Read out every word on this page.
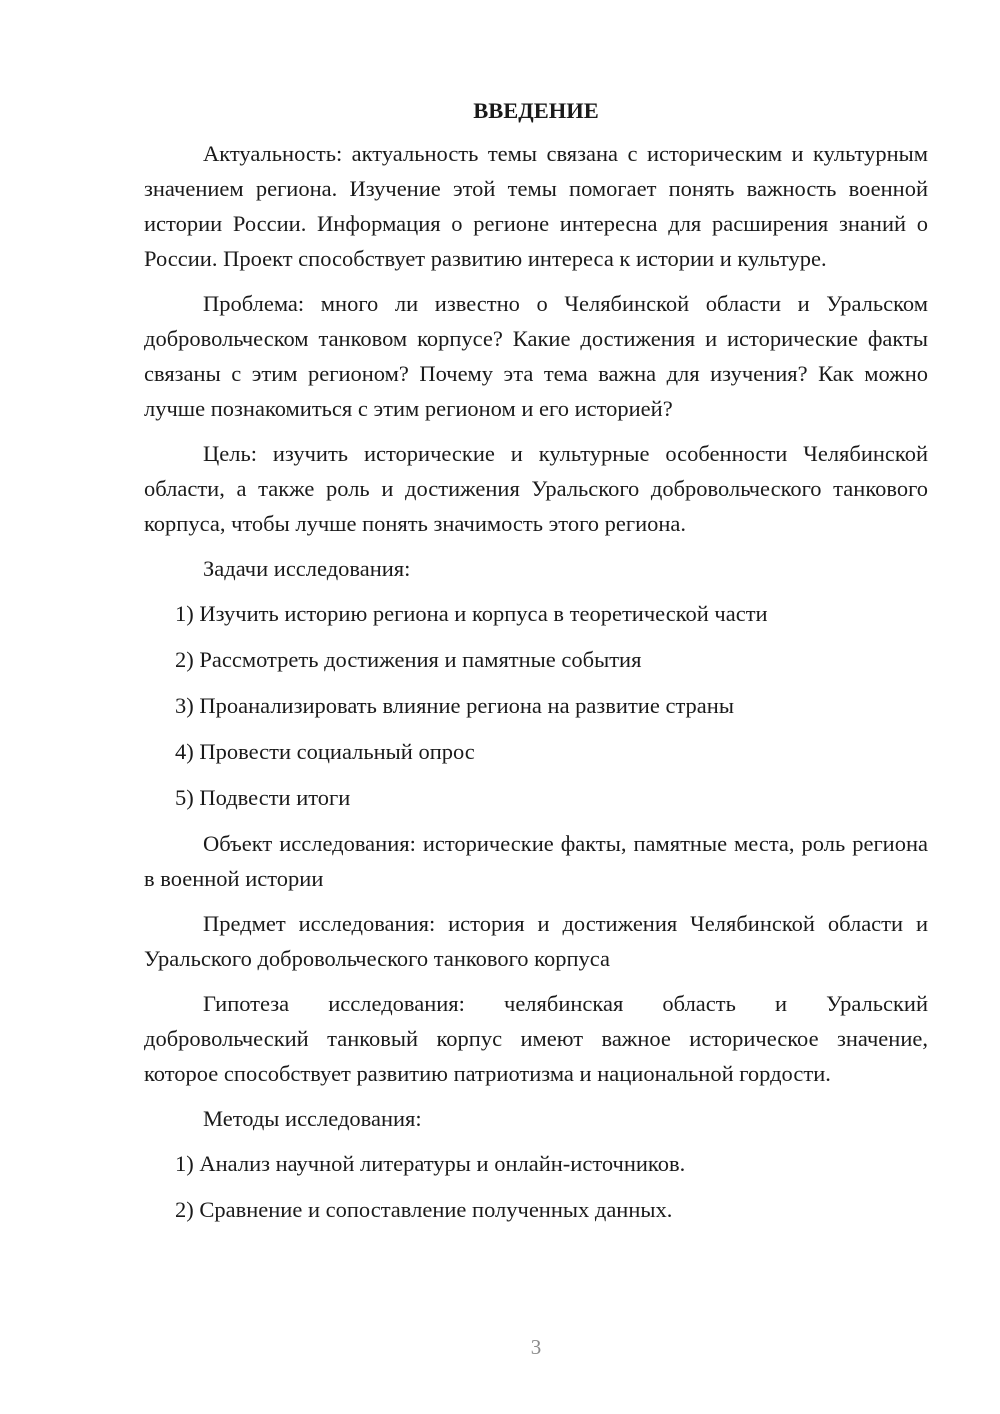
ВВЕДЕНИЕ

Актуальность: актуальность темы связана с историческим и культурным значением региона. Изучение этой темы помогает понять важность военной истории России. Информация о регионе интересна для расширения знаний о России. Проект способствует развитию интереса к истории и культуре.

Проблема: много ли известно о Челябинской области и Уральском добровольческом танковом корпусе? Какие достижения и исторические факты связаны с этим регионом? Почему эта тема важна для изучения? Как можно лучше познакомиться с этим регионом и его историей?

Цель: изучить исторические и культурные особенности Челябинской области, а также роль и достижения Уральского добровольческого танкового корпуса, чтобы лучше понять значимость этого региона.

Задачи исследования:

1) Изучить историю региона и корпуса в теоретической части
2) Рассмотреть достижения и памятные события
3) Проанализировать влияние региона на развитие страны
4) Провести социальный опрос
5) Подвести итоги

Объект исследования: исторические факты, памятные места, роль региона в военной истории

Предмет исследования: история и достижения Челябинской области и Уральского добровольческого танкового корпуса

Гипотеза исследования: челябинская область и Уральский добровольческий танковый корпус имеют важное историческое значение, которое способствует развитию патриотизма и национальной гордости.

Методы исследования:

1) Анализ научной литературы и онлайн-источников.
2) Сравнение и сопоставление полученных данных.
3
